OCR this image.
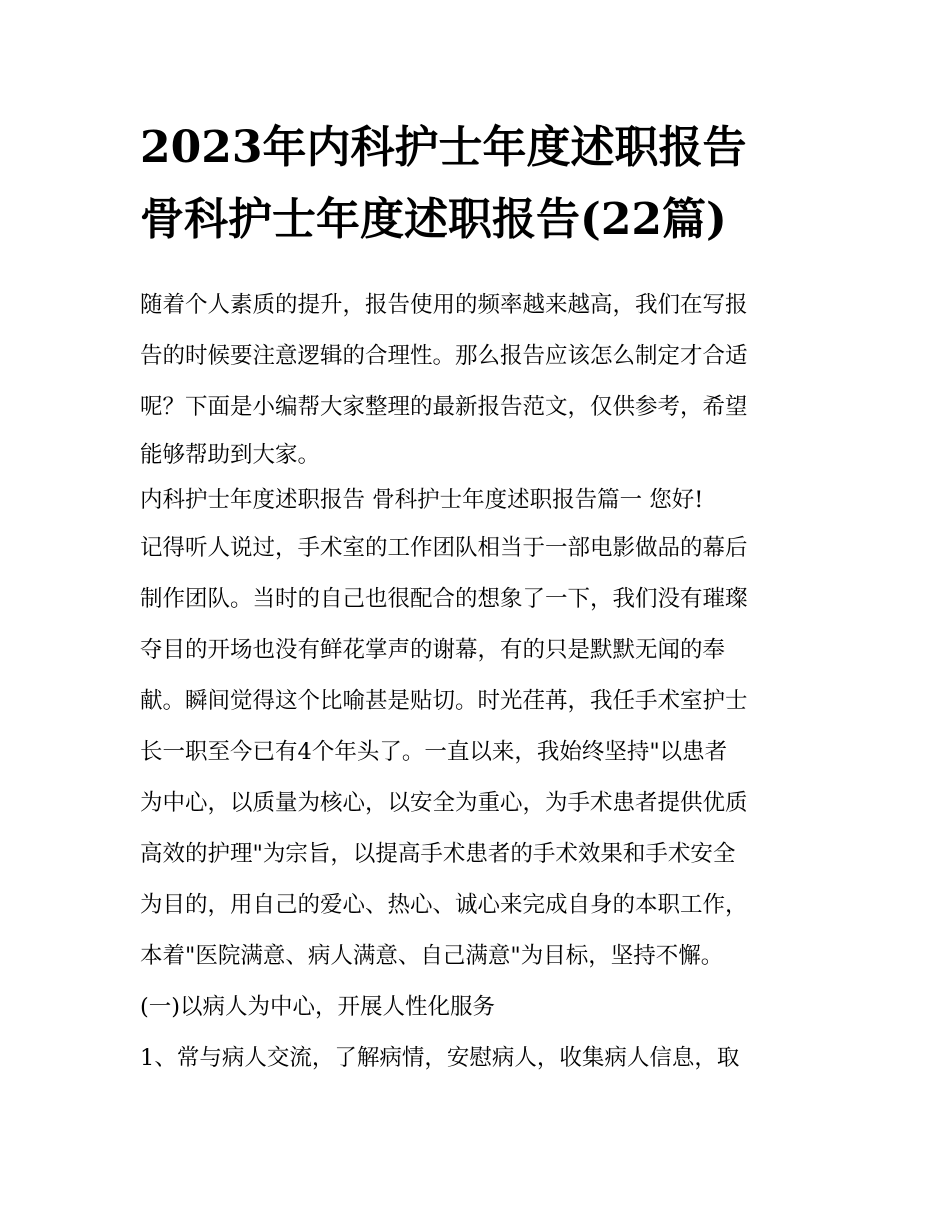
2023年内科护士年度述职报告
骨科护士年度述职报告(22篇)
随着个人素质的提升，报告使用的频率越来越高，我们在写报
告的时候要注意逻辑的合理性。那么报告应该怎么制定才合适
呢？下面是小编帮大家整理的最新报告范文，仅供参考，希望
能够帮助到大家。
内科护士年度述职报告 骨科护士年度述职报告篇一 您好!
记得听人说过，手术室的工作团队相当于一部电影做品的幕后
制作团队。当时的自己也很配合的想象了一下，我们没有璀璨
夺目的开场也没有鲜花掌声的谢幕，有的只是默默无闻的奉
献。瞬间觉得这个比喻甚是贴切。时光荏苒，我任手术室护士
长一职至今已有4个年头了。一直以来，我始终坚持"以患者
为中心，以质量为核心，以安全为重心，为手术患者提供优质
高效的护理"为宗旨，以提高手术患者的手术效果和手术安全
为目的，用自己的爱心、热心、诚心来完成自身的本职工作，
本着"医院满意、病人满意、自己满意"为目标，坚持不懈。
(一)以病人为中心，开展人性化服务
1、常与病人交流，了解病情，安慰病人，收集病人信息，取
